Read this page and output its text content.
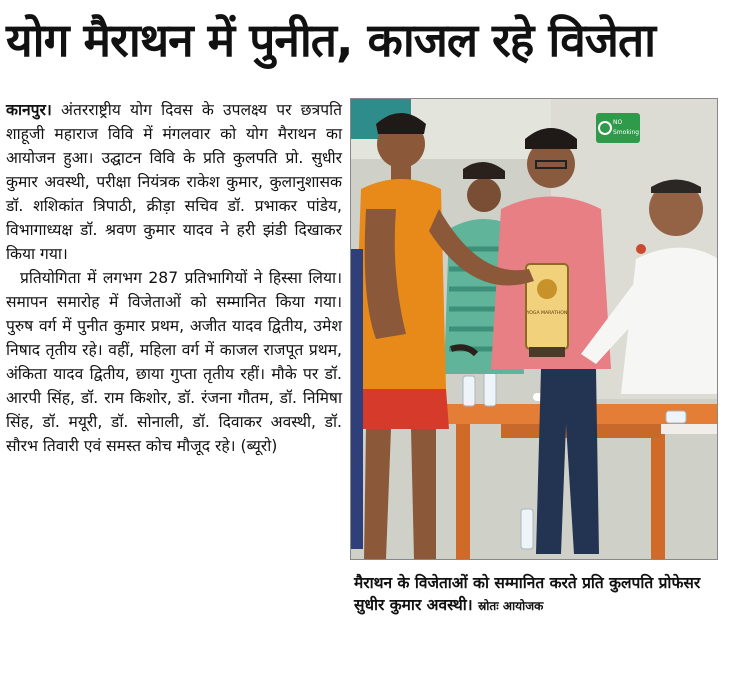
योग मैराथन में पुनीत, काजल रहे विजेता

कानपुर। अंतरराष्ट्रीय योग दिवस के उपलक्ष्य पर छत्रपति शाहूजी महाराज विवि में मंगलवार को योग मैराथन का आयोजन हुआ। उद्घाटन विवि के प्रति कुलपति प्रो. सुधीर कुमार अवस्थी, परीक्षा नियंत्रक राकेश कुमार, कुलानुशासक डॉ. शशिकांत त्रिपाठी, क्रीड़ा सचिव डॉ. प्रभाकर पांडेय, विभागाध्यक्ष डॉ. श्रवण कुमार यादव ने हरी झंडी दिखाकर किया गया।

प्रतियोगिता में लगभग 287 प्रतिभागियों ने हिस्सा लिया। समापन समारोह में विजेताओं को सम्मानित किया गया। पुरुष वर्ग में पुनीत कुमार प्रथम, अजीत यादव द्वितीय, उमेश निषाद तृतीय रहे। वहीं, महिला वर्ग में काजल राजपूत प्रथम, अंकिता यादव द्वितीय, छाया गुप्ता तृतीय रहीं। मौके पर डॉ. आरपी सिंह, डॉ. राम किशोर, डॉ. रंजना गौतम, डॉ. निमिषा सिंह, डॉ. मयूरी, डॉ. सोनाली, डॉ. दिवाकर अवस्थी, डॉ. सौरभ तिवारी एवं समस्त कोच मौजूद रहे। (ब्यूरो)

NO
Smoking
YOGA MARATHON
मैराथन के विजेताओं को सम्मानित करते प्रति कुलपति प्रोफेसर सुधीर कुमार अवस्थी। स्रोतः आयोजक
